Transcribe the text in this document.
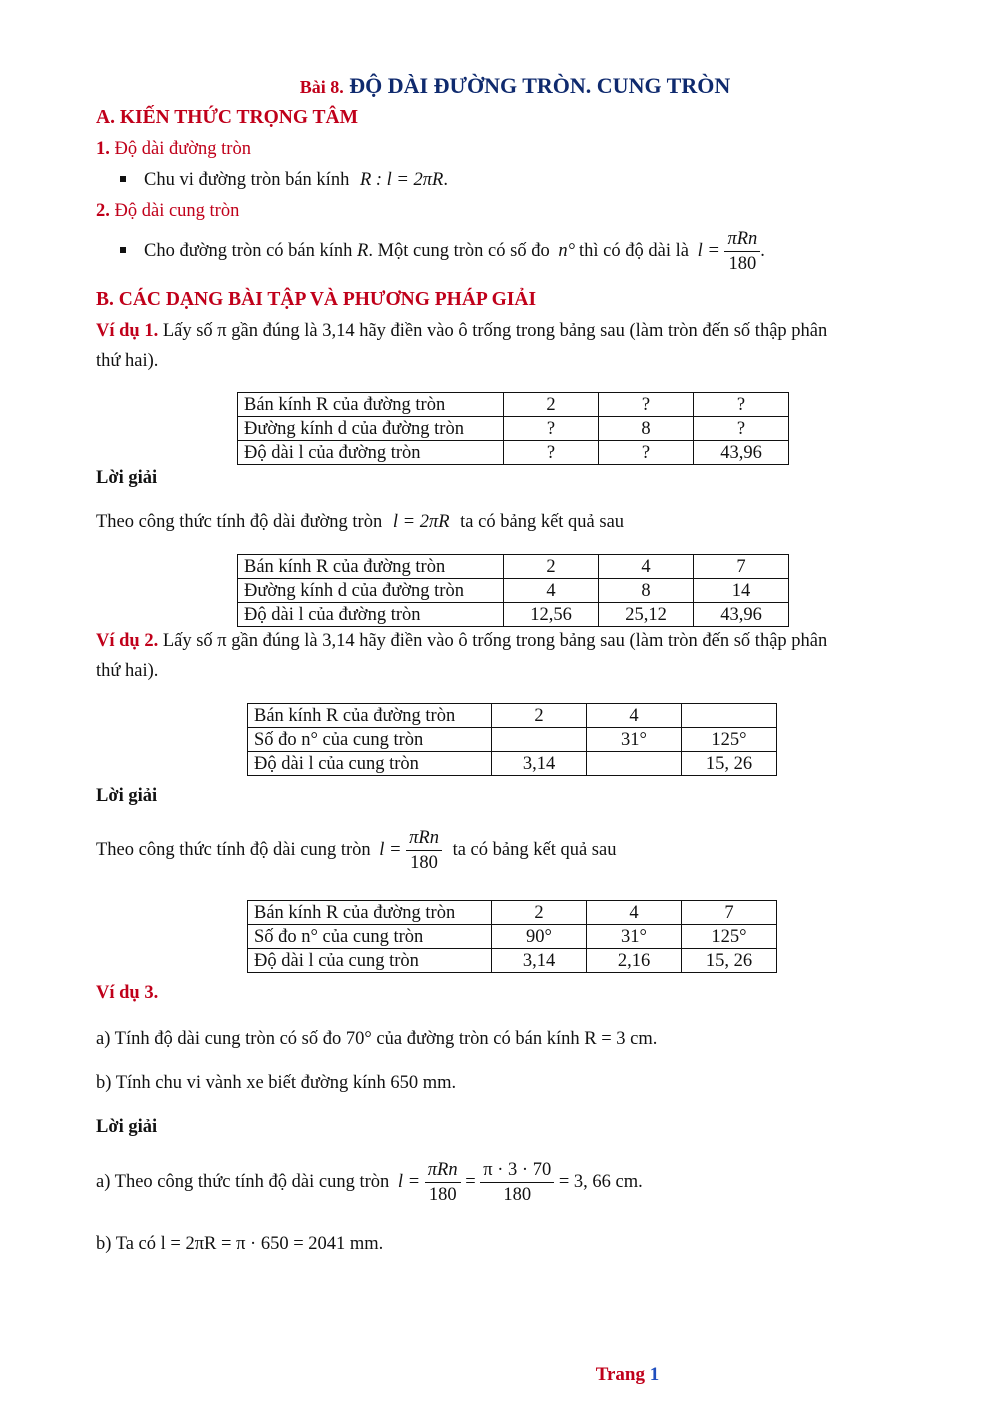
Bài 8. ĐỘ DÀI ĐƯỜNG TRÒN. CUNG TRÒN
A. KIẾN THỨC TRỌNG TÂM
1. Độ dài đường tròn
Chu vi đường tròn bán kính R : l = 2πR.
2. Độ dài cung tròn
Cho đường tròn có bán kính R. Một cung tròn có số đo n° thì có độ dài là $l = \frac{\text{πRn}}{180}$ .
B. CÁC DẠNG BÀI TẬP VÀ PHƯƠNG PHÁP GIẢI
Ví dụ 1. Lấy số π gần đúng là 3,14 hãy điền vào ô trống trong bảng sau (làm tròn đến số thập phân
thứ hai).
Bán kính R của đường tròn	2	?	?
Đường kính d của đường tròn	?	8	?
Độ dài l của đường tròn	?	?	43,96
Lời giải
Theo công thức tính độ dài đường tròn l = 2πR ta có bảng kết quả sau
Bán kính R của đường tròn	2	4	7
Đường kính d của đường tròn	4	8	14
Độ dài l của đường tròn	12,56	25,12	43,96
Ví dụ 2. Lấy số π gần đúng là 3,14 hãy điền vào ô trống trong bảng sau (làm tròn đến số thập phân
thứ hai).
Bán kính R của đường tròn	2	4	
Số đo n° của cung tròn		31°	125°
Độ dài l của cung tròn	3,14		15, 26
Lời giải
Theo công thức tính độ dài cung tròn $l = \frac{\text{πRn}}{180}$ ta có bảng kết quả sau
Bán kính R của đường tròn	2	4	7
Số đo n° của cung tròn	90°	31°	125°
Độ dài l của cung tròn	3,14	2,16	15, 26
Ví dụ 3.
a) Tính độ dài cung tròn có số đo 70° của đường tròn có bán kính R = 3 cm.
b) Tính chu vi vành xe biết đường kính 650 mm.
Lời giải
a) Theo công thức tính độ dài cung tròn $l = \frac{\text{πRn}}{180} = \frac{\pi \cdot 3 \cdot 70}{180} = 3$, 66 cm.
b) Ta có l = 2πR = π · 650 = 2041 mm.
Trang 1
